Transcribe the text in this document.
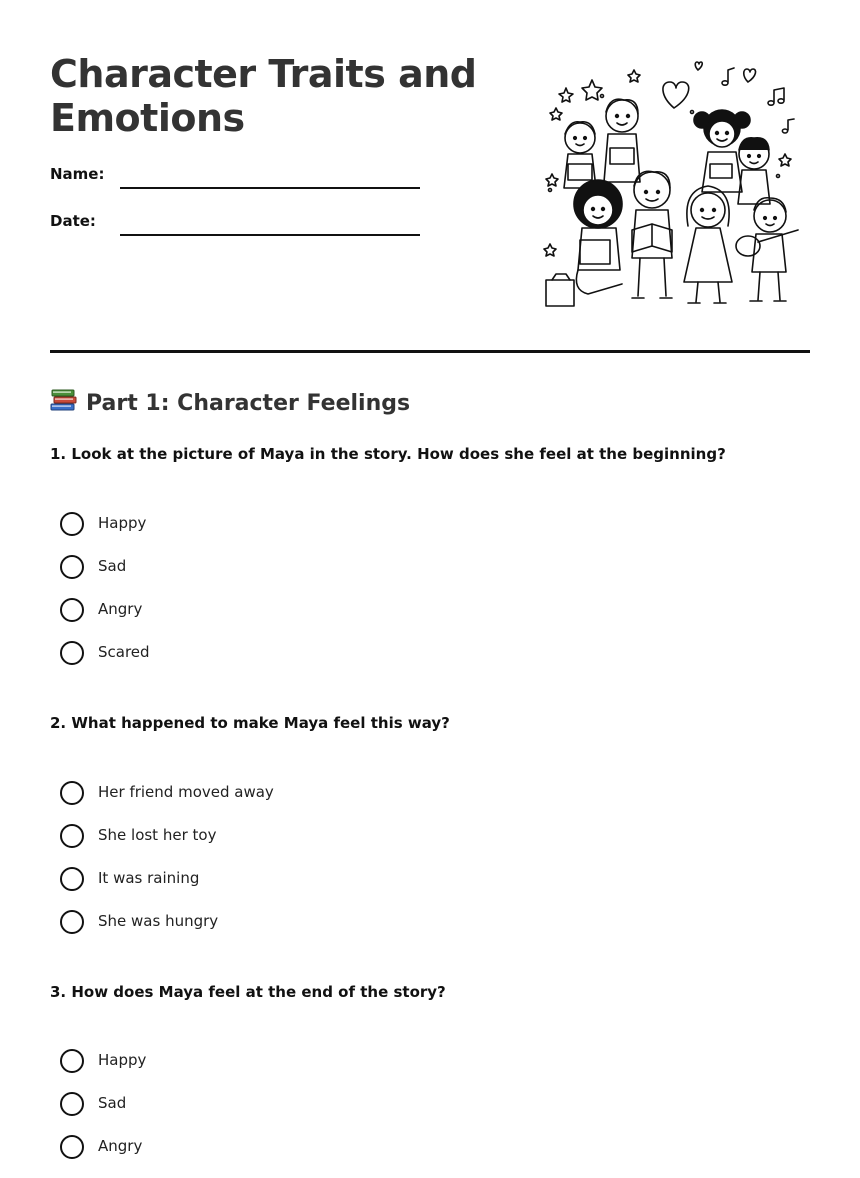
Character Traits and Emotions
Name:
Date:
Part 1: Character Feelings

1. Look at the picture of Maya in the story. How does she feel at the beginning?

Happy
Sad
Angry
Scared

2. What happened to make Maya feel this way?

Her friend moved away
She lost her toy
It was raining
She was hungry

3. How does Maya feel at the end of the story?

Happy
Sad
Angry
